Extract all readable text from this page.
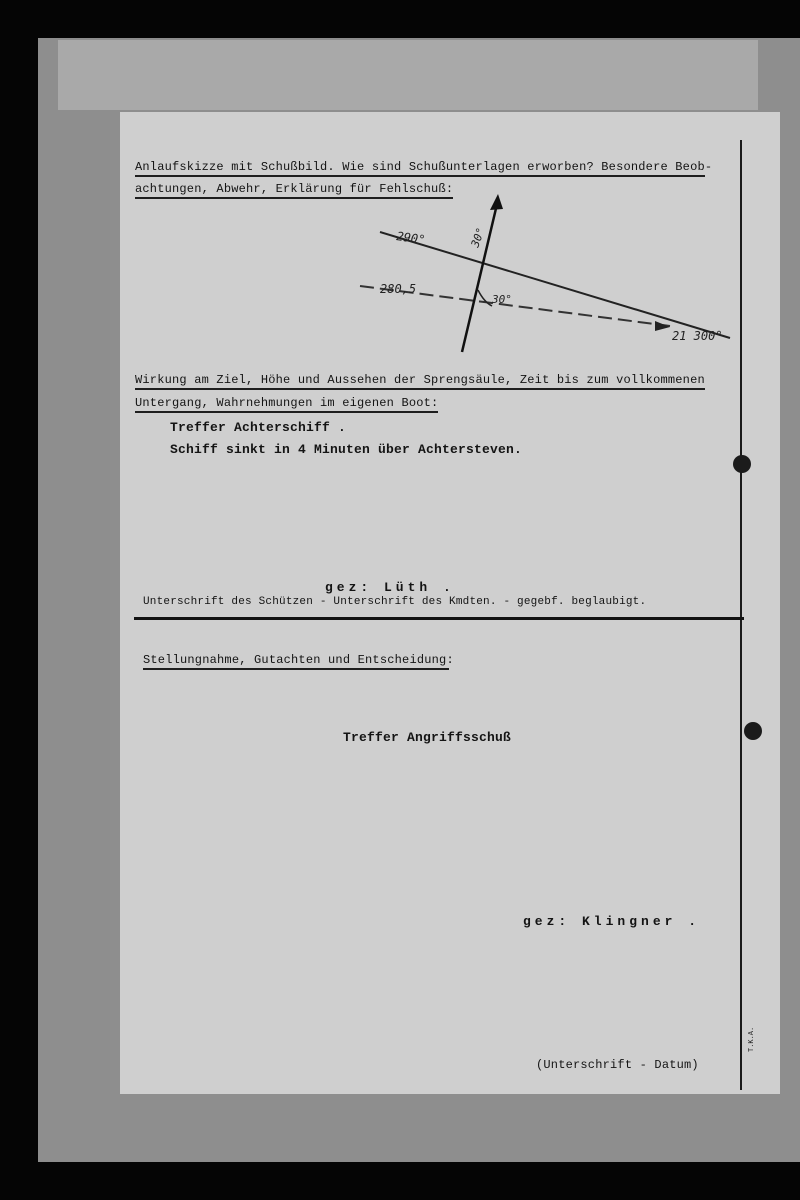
Anlaufskizze mit Schußbild. Wie sind Schußunterlagen erworben? Besondere Beob-
achtungen, Abwehr, Erklärung für Fehlschuß:
290°	30°
280,5
30°
21 300°
Wirkung am Ziel, Höhe und Aussehen der Sprengsäule, Zeit bis zum vollkommenen
Untergang, Wahrnehmungen im eigenen Boot:
Treffer Achterschiff .
Schiff sinkt in 4 Minuten über Achtersteven.
gez: Lüth .
Unterschrift des Schützen - Unterschrift des Kmdten. - gegebf. beglaubigt.
Stellungnahme, Gutachten und Entscheidung:
Treffer Angriffsschuß
gez: Klingner .
(Unterschrift - Datum)
T.K.A.
